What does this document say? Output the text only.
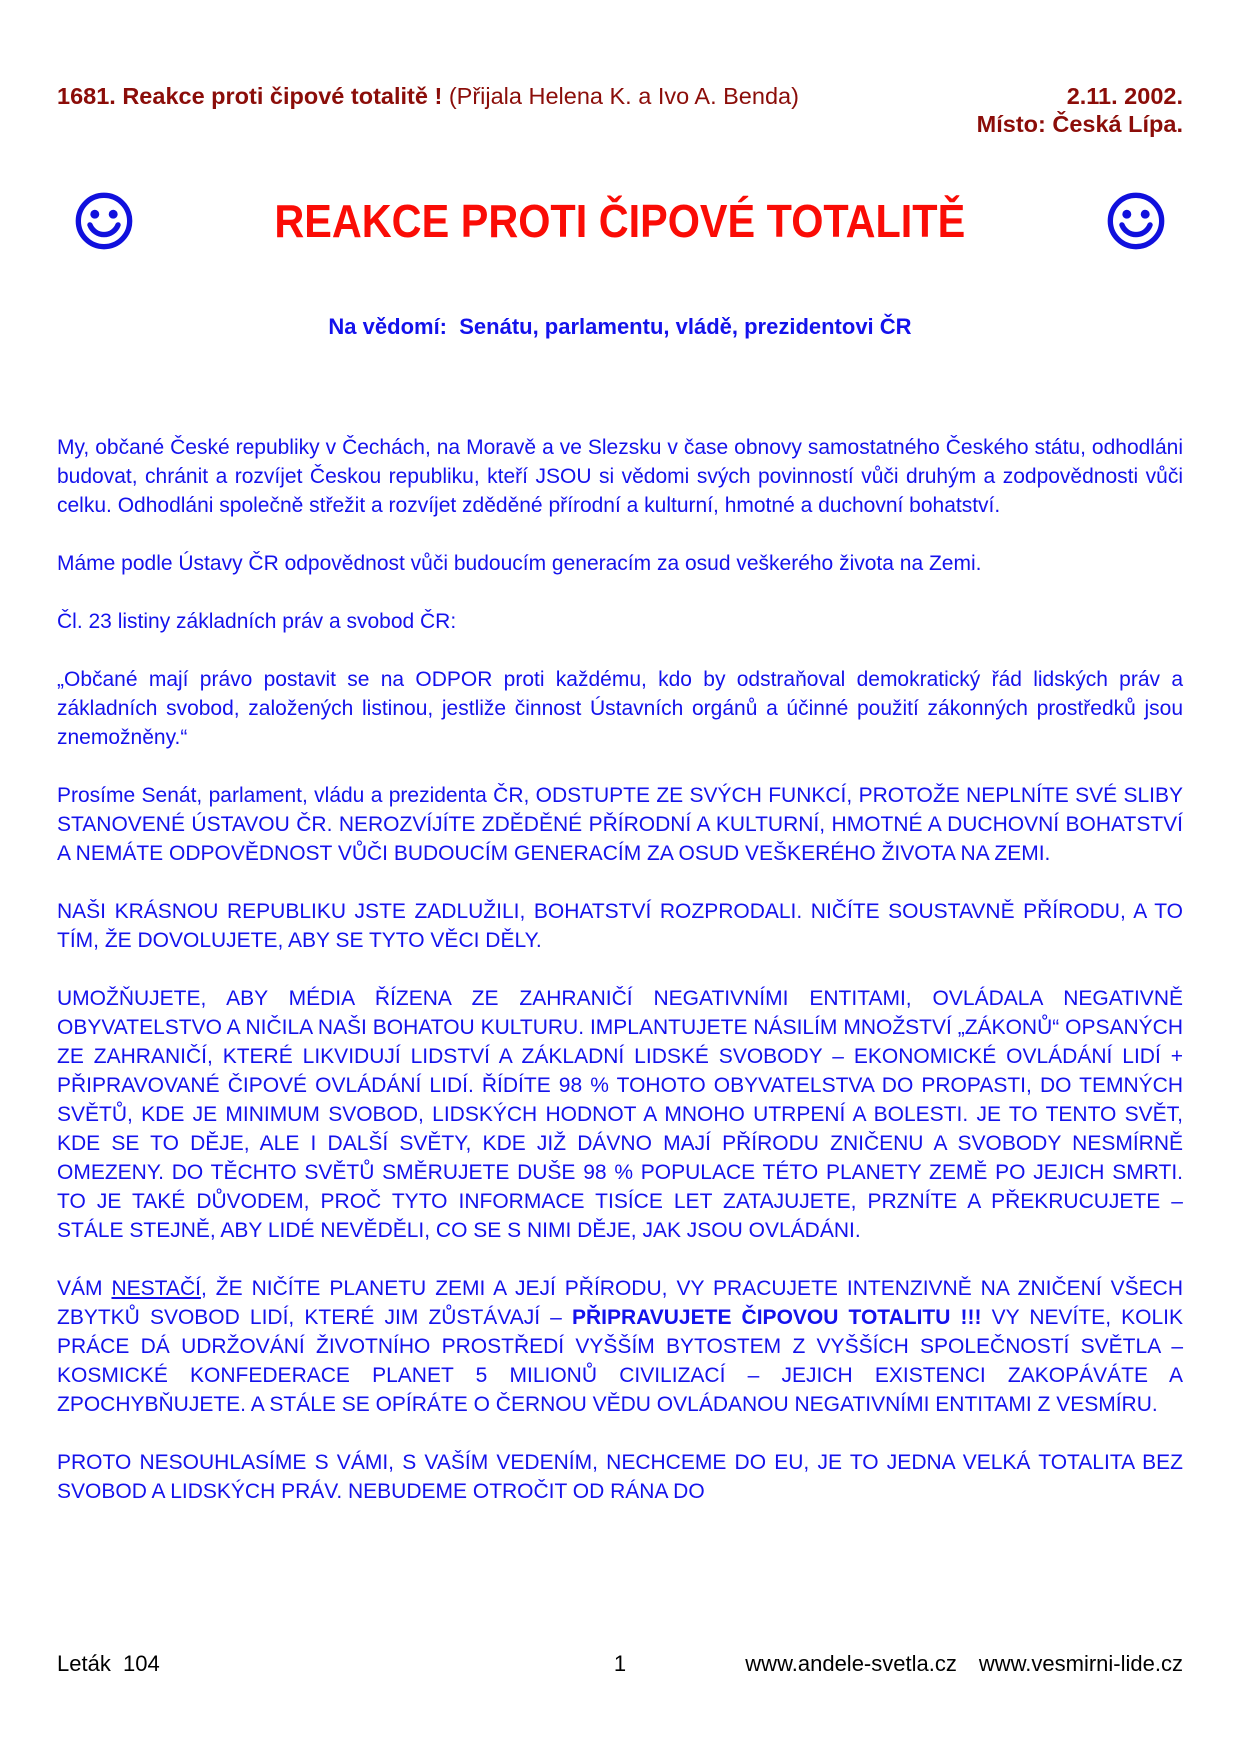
1681. Reakce proti čipové totalitě ! (Přijala Helena K. a Ivo A. Benda)	2.11. 2002.
Místo: Česká Lípa.
REAKCE PROTI ČIPOVÉ TOTALITĚ
Na vědomí:  Senátu, parlamentu, vládě, prezidentovi ČR

My, občané České republiky v Čechách, na Moravě a ve Slezsku v čase obnovy samostatného Českého státu, odhodláni budovat, chránit a rozvíjet Českou republiku, kteří JSOU si vědomi svých povinností vůči druhým a zodpovědnosti vůči celku. Odhodláni společně střežit a rozvíjet zděděné přírodní a kulturní, hmotné a duchovní bohatství.

Máme podle Ústavy ČR odpovědnost vůči budoucím generacím za osud veškerého života na Zemi.

Čl. 23 listiny základních práv a svobod ČR:

„Občané mají právo postavit se na ODPOR proti každému, kdo by odstraňoval demokratický řád lidských práv a základních svobod, založených listinou, jestliže činnost Ústavních orgánů a účinné použití zákonných prostředků jsou znemožněny.“

Prosíme Senát, parlament, vládu a prezidenta ČR, ODSTUPTE ZE SVÝCH FUNKCÍ, PROTOŽE NEPLNÍTE SVÉ SLIBY STANOVENÉ ÚSTAVOU ČR. NEROZVÍJÍTE ZDĚDĚNÉ PŘÍRODNÍ A KULTURNÍ, HMOTNÉ A DUCHOVNÍ BOHATSTVÍ A NEMÁTE ODPOVĚDNOST VŮČI BUDOUCÍM GENERACÍM ZA OSUD VEŠKERÉHO ŽIVOTA NA ZEMI.

NAŠI KRÁSNOU REPUBLIKU JSTE ZADLUŽILI, BOHATSTVÍ ROZPRODALI. NIČÍTE SOUSTAVNĚ PŘÍRODU, A TO TÍM, ŽE DOVOLUJETE, ABY SE TYTO VĚCI DĚLY.

UMOŽŇUJETE, ABY MÉDIA ŘÍZENA ZE ZAHRANIČÍ NEGATIVNÍMI ENTITAMI, OVLÁDALA NEGATIVNĚ OBYVATELSTVO A NIČILA NAŠI BOHATOU KULTURU. IMPLANTUJETE NÁSILÍM MNOŽSTVÍ „ZÁKONŮ“ OPSANÝCH ZE ZAHRANIČÍ, KTERÉ LIKVIDUJÍ LIDSTVÍ A ZÁKLADNÍ LIDSKÉ SVOBODY – EKONOMICKÉ OVLÁDÁNÍ LIDÍ + PŘIPRAVOVANÉ ČIPOVÉ OVLÁDÁNÍ LIDÍ. ŘÍDÍTE 98 % TOHOTO OBYVATELSTVA DO PROPASTI, DO TEMNÝCH SVĚTŮ, KDE JE MINIMUM SVOBOD, LIDSKÝCH HODNOT A MNOHO UTRPENÍ A BOLESTI. JE TO TENTO SVĚT, KDE SE TO DĚJE, ALE I DALŠÍ SVĚTY, KDE JIŽ DÁVNO MAJÍ PŘÍRODU ZNIČENU A SVOBODY NESMÍRNĚ OMEZENY. DO TĚCHTO SVĚTŮ SMĚRUJETE DUŠE 98 % POPULACE TÉTO PLANETY ZEMĚ PO JEJICH SMRTI. TO JE TAKÉ DŮVODEM, PROČ TYTO INFORMACE TISÍCE LET ZATAJUJETE, PRZNÍTE A PŘEKRUCUJETE – STÁLE STEJNĚ, ABY LIDÉ NEVĚDĚLI, CO SE S NIMI DĚJE, JAK JSOU OVLÁDÁNI.

VÁM NESTAČÍ, ŽE NIČÍTE PLANETU ZEMI A JEJÍ PŘÍRODU, VY PRACUJETE INTENZIVNĚ NA ZNIČENÍ VŠECH ZBYTKŮ SVOBOD LIDÍ, KTERÉ JIM ZŮSTÁVAJÍ – PŘIPRAVUJETE ČIPOVOU TOTALITU !!! VY NEVÍTE, KOLIK PRÁCE DÁ UDRŽOVÁNÍ ŽIVOTNÍHO PROSTŘEDÍ VYŠŠÍM BYTOSTEM Z VYŠŠÍCH SPOLEČNOSTÍ SVĚTLA – KOSMICKÉ KONFEDERACE PLANET 5 MILIONŮ CIVILIZACÍ – JEJICH EXISTENCI ZAKOPÁVÁTE A ZPOCHYBŇUJETE. A STÁLE SE OPÍRÁTE O ČERNOU VĚDU OVLÁDANOU NEGATIVNÍMI ENTITAMI Z VESMÍRU.

PROTO NESOUHLASÍME S VÁMI, S VAŠÍM VEDENÍM, NECHCEME DO EU, JE TO JEDNA VELKÁ TOTALITA BEZ SVOBOD A LIDSKÝCH PRÁV. NEBUDEME OTROČIT OD RÁNA DO

Leták  104	1	www.andele-svetla.cz www.vesmirni-lide.cz
